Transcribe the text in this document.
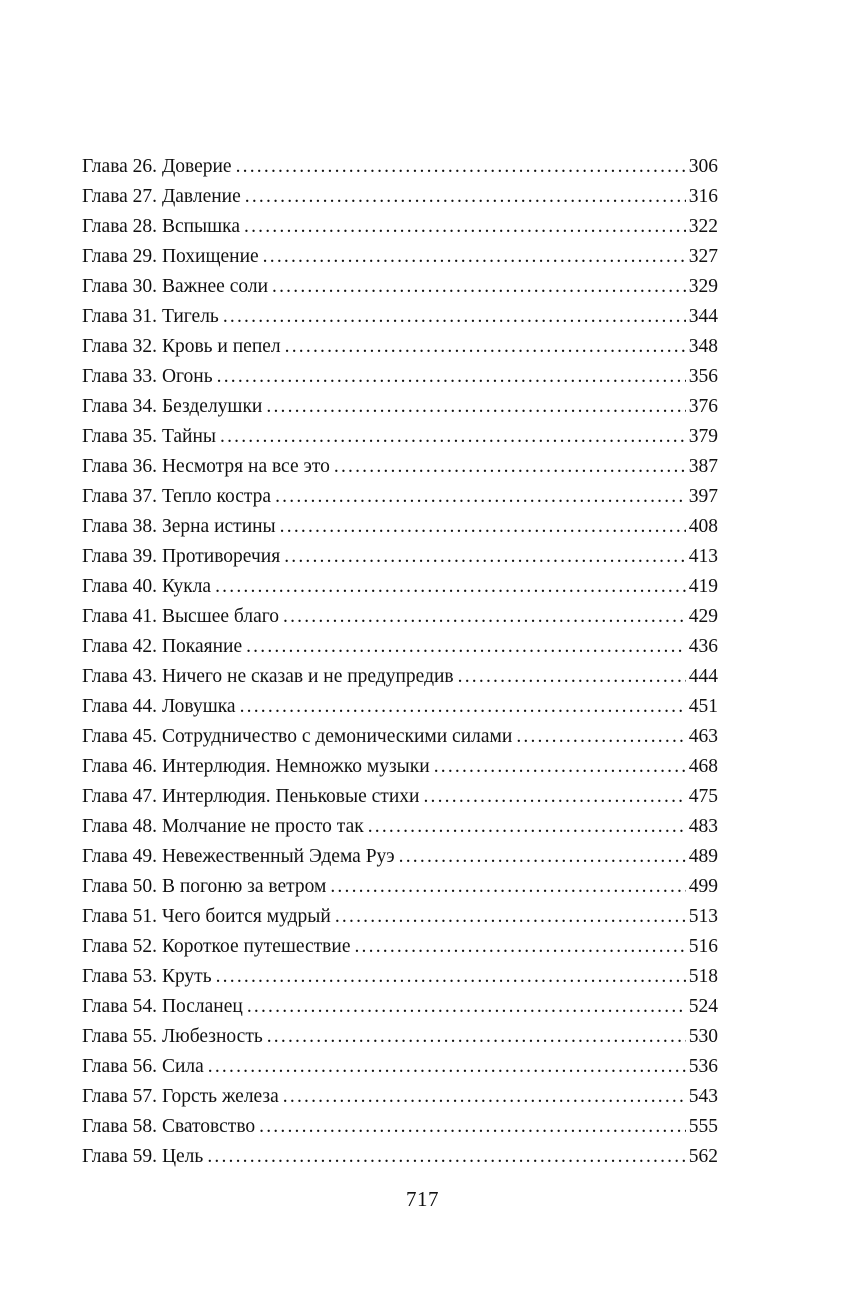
Глава 26. Доверие .....	306
Глава 27. Давление .....	316
Глава 28. Вспышка .....	322
Глава 29. Похищение .....	327
Глава 30. Важнее соли .....	329
Глава 31. Тигель .....	344
Глава 32. Кровь и пепел .....	348
Глава 33. Огонь .....	356
Глава 34. Безделушки .....	376
Глава 35. Тайны .....	379
Глава 36. Несмотря на все это .....	387
Глава 37. Тепло костра .....	397
Глава 38. Зерна истины .....	408
Глава 39. Противоречия .....	413
Глава 40. Кукла .....	419
Глава 41. Высшее благо .....	429
Глава 42. Покаяние .....	436
Глава 43. Ничего не сказав и не предупредив .....	444
Глава 44. Ловушка .....	451
Глава 45. Сотрудничество с демоническими силами .....	463
Глава 46. Интерлюдия. Немножко музыки .....	468
Глава 47. Интерлюдия. Пеньковые стихи .....	475
Глава 48. Молчание не просто так .....	483
Глава 49. Невежественный Эдема Руэ .....	489
Глава 50. В погоню за ветром .....	499
Глава 51. Чего боится мудрый .....	513
Глава 52. Короткое путешествие .....	516
Глава 53. Круть .....	518
Глава 54. Посланец .....	524
Глава 55. Любезность .....	530
Глава 56. Сила .....	536
Глава 57. Горсть железа .....	543
Глава 58. Сватовство .....	555
Глава 59. Цель .....	562
717
